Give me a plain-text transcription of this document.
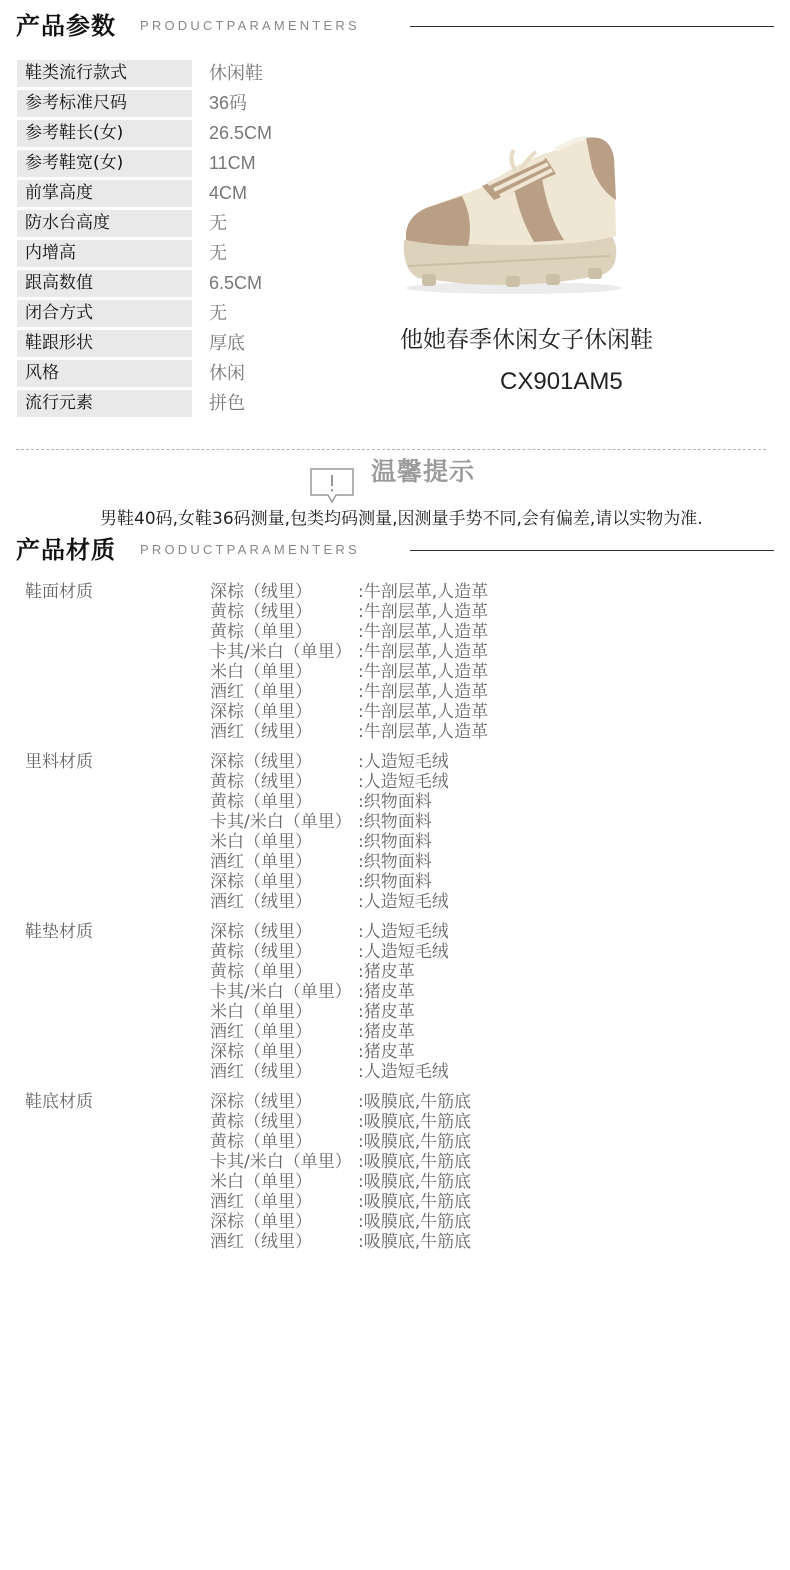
产品参数 PRODUCTPARAMENTERS
鞋类流行款式	休闲鞋
参考标准尺码	36码
参考鞋长(女)	26.5CM
参考鞋宽(女)	11CM
前掌高度	4CM
防水台高度	无
内增高	无
跟高数值	6.5CM
闭合方式	无
鞋跟形状	厚底
风格	休闲
流行元素	拼色
他她春季休闲女子休闲鞋
CX901AM5
温馨提示
男鞋40码,女鞋36码测量,包类均码测量,因测量手势不同,会有偏差,请以实物为准.
产品材质 PRODUCTPARAMENTERS
鞋面材质	深棕（绒里）	:牛剖层革,人造革
黄棕（绒里）	:牛剖层革,人造革
黄棕（单里）	:牛剖层革,人造革
卡其/米白（单里） :牛剖层革,人造革
米白（单里）	:牛剖层革,人造革
酒红（单里）	:牛剖层革,人造革
深棕（单里）	:牛剖层革,人造革
酒红（绒里）	:牛剖层革,人造革
里料材质	深棕（绒里）	:人造短毛绒
黄棕（绒里）	:人造短毛绒
黄棕（单里）	:织物面料
卡其/米白（单里） :织物面料
米白（单里）	:织物面料
酒红（单里）	:织物面料
深棕（单里）	:织物面料
酒红（绒里）	:人造短毛绒
鞋垫材质	深棕（绒里）	:人造短毛绒
黄棕（绒里）	:人造短毛绒
黄棕（单里）	:猪皮革
卡其/米白（单里） :猪皮革
米白（单里）	:猪皮革
酒红（单里）	:猪皮革
深棕（单里）	:猪皮革
酒红（绒里）	:人造短毛绒
鞋底材质	深棕（绒里）	:吸膜底,牛筋底
黄棕（绒里）	:吸膜底,牛筋底
黄棕（单里）	:吸膜底,牛筋底
卡其/米白（单里） :吸膜底,牛筋底
米白（单里）	:吸膜底,牛筋底
酒红（单里）	:吸膜底,牛筋底
深棕（单里）	:吸膜底,牛筋底
酒红（绒里）	:吸膜底,牛筋底
